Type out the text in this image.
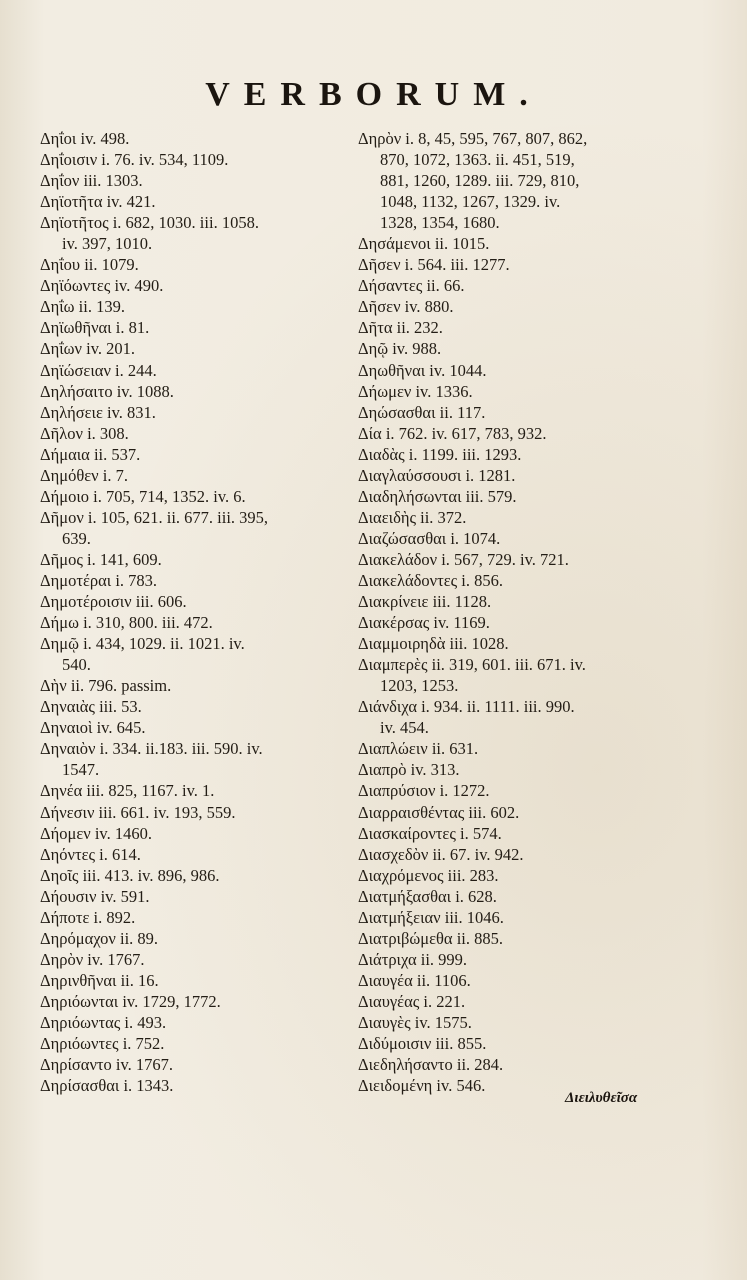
VERBORUM.

Δηΐοι iv. 498.

Δηΐοισιν i. 76. iv. 534, 1109.

Δηΐον iii. 1303.

Δηϊοτῆτα iv. 421.

Δηϊοτῆτος i. 682, 1030. iii. 1058.

iv. 397, 1010.

Δηΐου ii. 1079.

Δηϊόωντες iv. 490.

Δηΐω ii. 139.

Δηϊωθῆναι i. 81.

Δηΐων iv. 201.

Δηϊώσειαν i. 244.

Δηλήσαιτο iv. 1088.

Δηλήσειε iv. 831.

Δῆλον i. 308.

Δήμαια ii. 537.

Δημόθεν i. 7.

Δήμοιο i. 705, 714, 1352. iv. 6.

Δῆμον i. 105, 621. ii. 677. iii. 395,

639.

Δῆμος i. 141, 609.

Δημοτέραι i. 783.

Δημοτέροισιν iii. 606.

Δήμω i. 310, 800. iii. 472.

Δημῷ i. 434, 1029. ii. 1021. iv.

540.

Δὴν ii. 796. passim.

Δηναιὰς iii. 53.

Δηναιοὶ iv. 645.

Δηναιὸν i. 334. ii.183. iii. 590. iv.

1547.

Δηνέα iii. 825, 1167. iv. 1.

Δήνεσιν iii. 661. iv. 193, 559.

Δήομεν iv. 1460.

Δηόντες i. 614.

Δηοῖς iii. 413. iv. 896, 986.

Δήουσιν iv. 591.

Δήποτε i. 892.

Δηρόμαχον ii. 89.

Δηρὸν iv. 1767.

Δηρινθῆναι ii. 16.

Δηριόωνται iv. 1729, 1772.

Δηριόωντας i. 493.

Δηριόωντες i. 752.

Δηρίσαντο iv. 1767.

Δηρίσασθαι i. 1343.

Δηρὸν i. 8, 45, 595, 767, 807, 862,

870, 1072, 1363. ii. 451, 519,

881, 1260, 1289. iii. 729, 810,

1048, 1132, 1267, 1329. iv.

1328, 1354, 1680.

Δησάμενοι ii. 1015.

Δῆσεν i. 564. iii. 1277.

Δήσαντες ii. 66.

Δῆσεν iv. 880.

Δῆτα ii. 232.

Δηῷ iv. 988.

Δηωθῆναι iv. 1044.

Δήωμεν iv. 1336.

Δηώσασθαι ii. 117.

Δία i. 762. iv. 617, 783, 932.

Διαδὰς i. 1199. iii. 1293.

Διαγλαύσσουσι i. 1281.

Διαδηλήσωνται iii. 579.

Διαειδὴς ii. 372.

Διαζώσασθαι i. 1074.

Διακελάδον i. 567, 729. iv. 721.

Διακελάδοντες i. 856.

Διακρίνειε iii. 1128.

Διακέρσας iv. 1169.

Διαμμοιρηδὰ iii. 1028.

Διαμπερὲς ii. 319, 601. iii. 671. iv.

1203, 1253.

Διάνδιχα i. 934. ii. 1111. iii. 990.

iv. 454.

Διαπλώειν ii. 631.

Διαπρὸ iv. 313.

Διαπρύσιον i. 1272.

Διαρραισθέντας iii. 602.

Διασκαίροντες i. 574.

Διασχεδὸν ii. 67. iv. 942.

Διαχρόμενος iii. 283.

Διατμήξασθαι i. 628.

Διατμήξειαν iii. 1046.

Διατριβώμεθα ii. 885.

Διάτριχα ii. 999.

Διαυγέα ii. 1106.

Διαυγέας i. 221.

Διαυγὲς iv. 1575.

Διδύμοισιν iii. 855.

Διεδηλήσαντο ii. 284.

Διειδομένη iv. 546.

Διειλυθεῖσα
